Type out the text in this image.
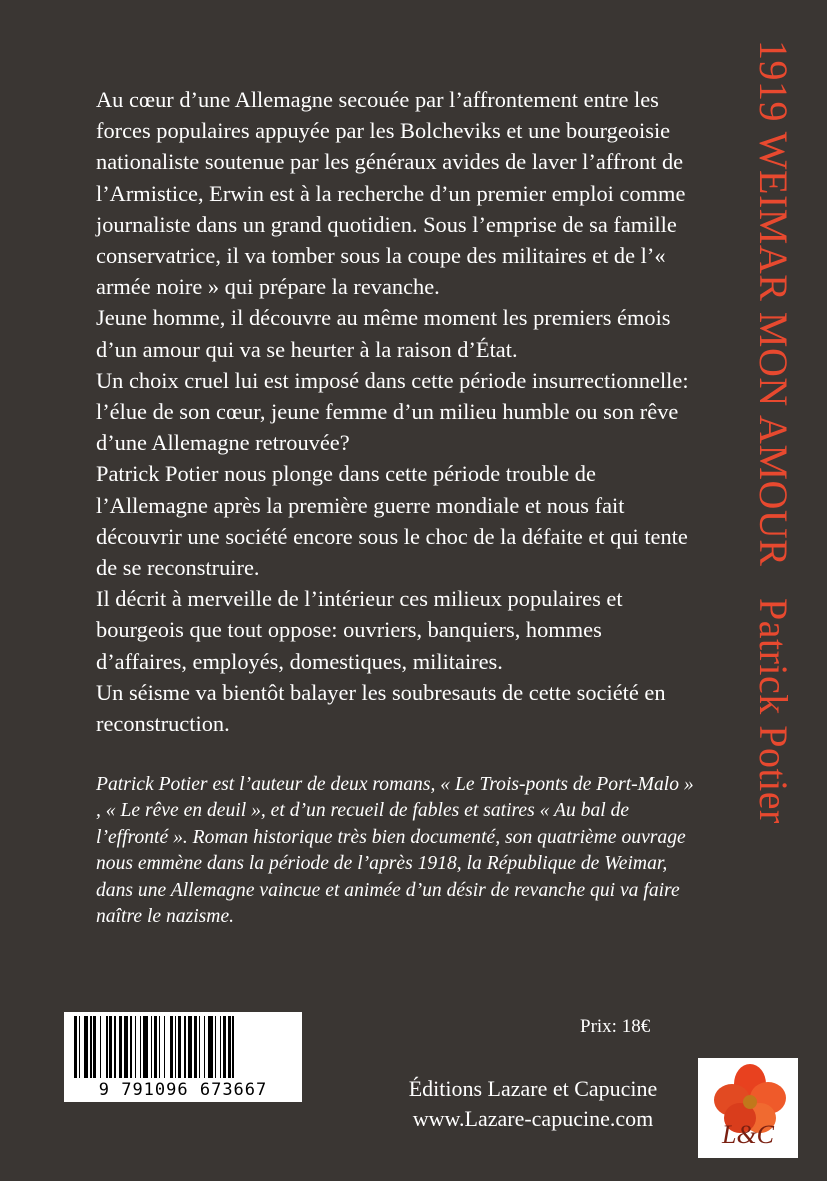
Au cœur d’une Allemagne secouée par l’affrontement entre les forces populaires appuyée par les Bolcheviks et une bourgeoisie nationaliste soutenue par les généraux avides de laver l’affront de l’Armistice, Erwin est à la recherche d’un premier emploi comme journaliste dans un grand quotidien. Sous l’emprise de sa famille conservatrice, il va tomber sous la coupe des militaires et de l’« armée noire » qui prépare la revanche.

Jeune homme, il découvre au même moment les premiers émois d’un amour qui va se heurter à la raison d’État.

Un choix cruel lui est imposé dans cette période insurrectionnelle: l’élue de son cœur, jeune femme d’un milieu humble ou son rêve d’une Allemagne retrouvée?

Patrick Potier nous plonge dans cette période trouble de l’Allemagne après la première guerre mondiale et nous fait découvrir une société encore sous le choc de la défaite et qui tente de se reconstruire.

Il décrit à merveille de l’intérieur ces milieux populaires et bourgeois que tout oppose: ouvriers, banquiers, hommes d’affaires, employés, domestiques, militaires.

Un séisme va bientôt balayer les soubresauts de cette société en reconstruction.

Patrick Potier est l’auteur de deux romans, « Le Trois-ponts de Port-Malo » , « Le rêve en deuil », et d’un recueil de fables et satires « Au bal de l’effronté ». Roman historique très bien documenté, son quatrième ouvrage nous emmène dans la période de l’après 1918, la République de Weimar, dans une Allemagne vaincue et animée d’un désir de revanche qui va faire naître le nazisme.
1919 WEIMAR MON AMOUR   Patrick Potier
9 791096 673667
Prix: 18€
Éditions Lazare et Capucine
www.Lazare-capucine.com
L&C
